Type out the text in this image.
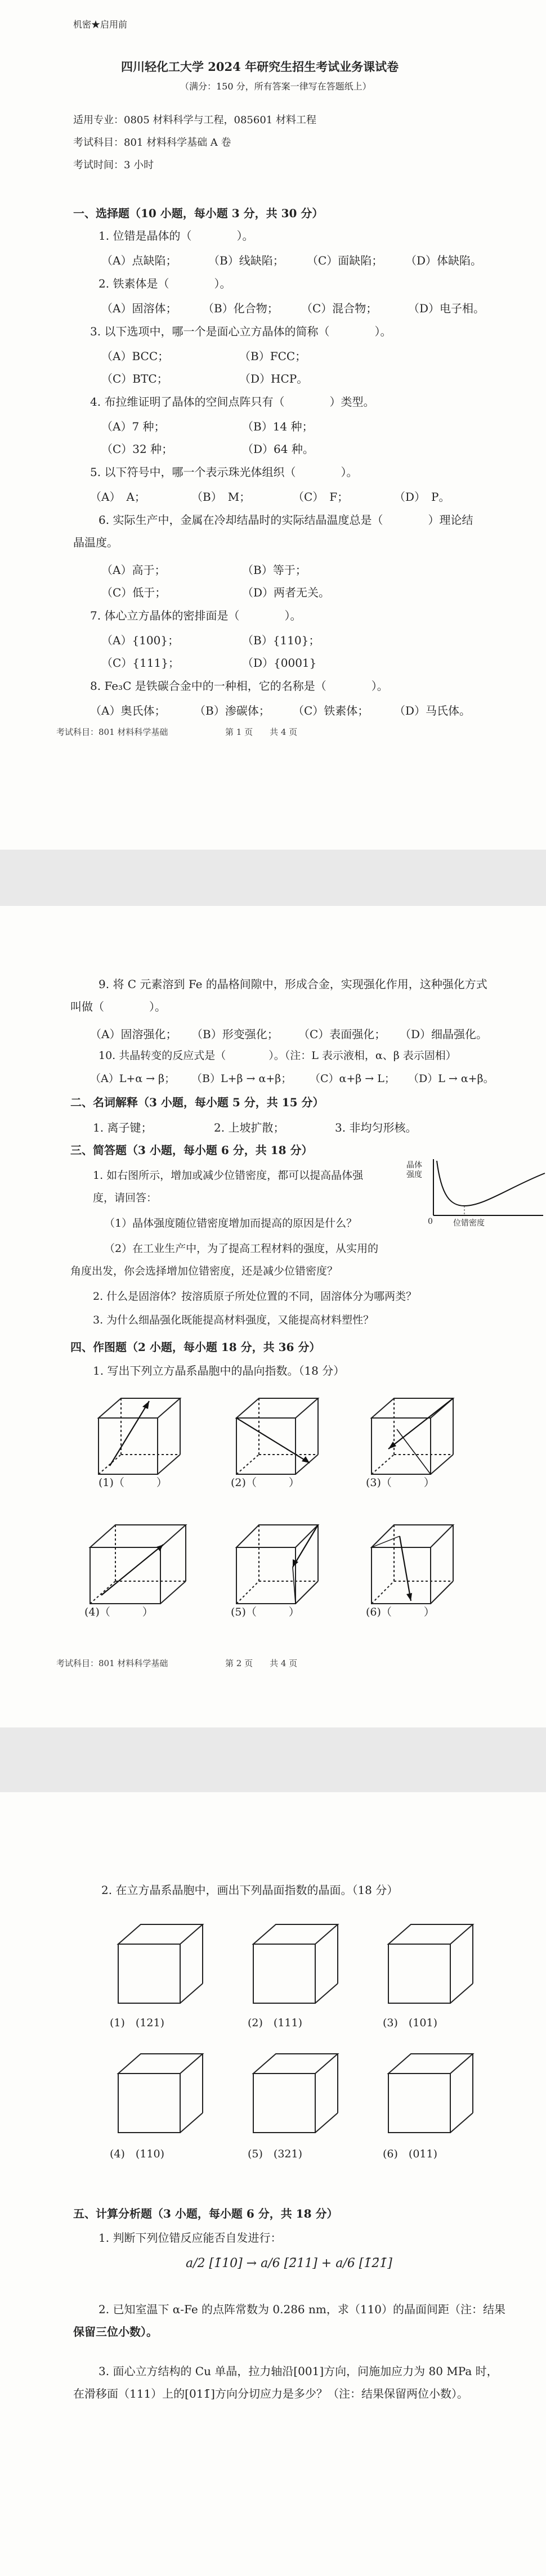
机密★启用前
四川轻化工大学 2024 年研究生招生考试业务课试卷
（满分：150 分，所有答案一律写在答题纸上）
适用专业：0805 材料科学与工程，085601 材料工程
考试科目：801 材料科学基础 A 卷
考试时间：3 小时
一、选择题（10 小题，每小题 3 分，共 30 分）
1. 位错是晶体的（　　　　）。
（A）点缺陷；	（B）线缺陷； （C）面缺陷； （D）体缺陷。
2. 铁素体是（　　　　）。
（A）固溶体； （B）化合物； （C）混合物；	（D）电子相。
3. 以下选项中，哪一个是面心立方晶体的简称（　　　　）。
（A）BCC；	（B）FCC；
（C）BTC；	（D）HCP。
4. 布拉维证明了晶体的空间点阵只有（　　　　）类型。
（A）7 种；	（B）14 种；
（C）32 种；	（D）64 种。
5. 以下符号中，哪一个表示珠光体组织（　　　　）。
（A）　A；	（B）　M；	（C）　F；	（D）　P。
6. 实际生产中，金属在冷却结晶时的实际结晶温度总是（　　　　）理论结
晶温度。
（A）高于；	（B）等于；
（C）低于；	（D）两者无关。
7. 体心立方晶体的密排面是（　　　　）。
（A）{100}；	（B）{110}；
（C）{111}；	（D）{0001}
8. Fe₃C 是铁碳合金中的一种相，它的名称是（　　　　）。
（A）奥氏体；	（B）渗碳体； （C）铁素体； （D）马氏体。
考试科目：801 材料科学基础	第 1 页　　共 4 页
9. 将 C 元素溶到 Fe 的晶格间隙中，形成合金，实现强化作用，这种强化方式
叫做（　　　　）。
（A）固溶强化； （B）形变强化； （C）表面强化； （D）细晶强化。
10. 共晶转变的反应式是（　　　　）。（注：L 表示液相，α、β 表示固相）
（A）L+α → β； （B）L+β → α+β； （C）α+β → L； （D）L → α+β。
二、名词解释（3 小题，每小题 5 分，共 15 分）
1. 离子键；	2. 上坡扩散；	3. 非均匀形核。
三、简答题（3 小题，每小题 6 分，共 18 分）
1. 如右图所示，增加或减少位错密度，都可以提高晶体强
度，请回答：
（1）晶体强度随位错密度增加而提高的原因是什么？
（2）在工业生产中，为了提高工程材料的强度，从实用的
角度出发，你会选择增加位错密度，还是减少位错密度？
2. 什么是固溶体？按溶质原子所处位置的不同，固溶体分为哪两类？
3. 为什么细晶强化既能提高材料强度，又能提高材料塑性？
晶体强度
0	位错密度
四、作图题（2 小题，每小题 18 分，共 36 分）
1. 写出下列立方晶系晶胞中的晶向指数。（18 分）
(1)（　　　）	(2)（　　　）	(3)（　　　）
(4)（　　　）	(5)（　　　）	(6)（　　　）
考试科目：801 材料科学基础	第 2 页　　共 4 页
2. 在立方晶系晶胞中，画出下列晶面指数的晶面。（18 分）
(1)　(121)	(2)　(111)	(3)　(101)
(4)　(110)	(5)　(321)	(6)　(011)
五、计算分析题（3 小题，每小题 6 分，共 18 分）
1. 判断下列位错反应能否自发进行：
a/2 [1̄10] → a/6 [2̄11] + a/6 [1̄2̄1̄]
2. 已知室温下 α-Fe 的点阵常数为 0.286 nm，求（110）的晶面间距（注：结果
保留三位小数）。
3. 面心立方结构的 Cu 单晶，拉力轴沿[001]方向，问施加应力为 80 MPa 时，
在滑移面（111）上的[011̄]方向分切应力是多少？（注：结果保留两位小数）。
